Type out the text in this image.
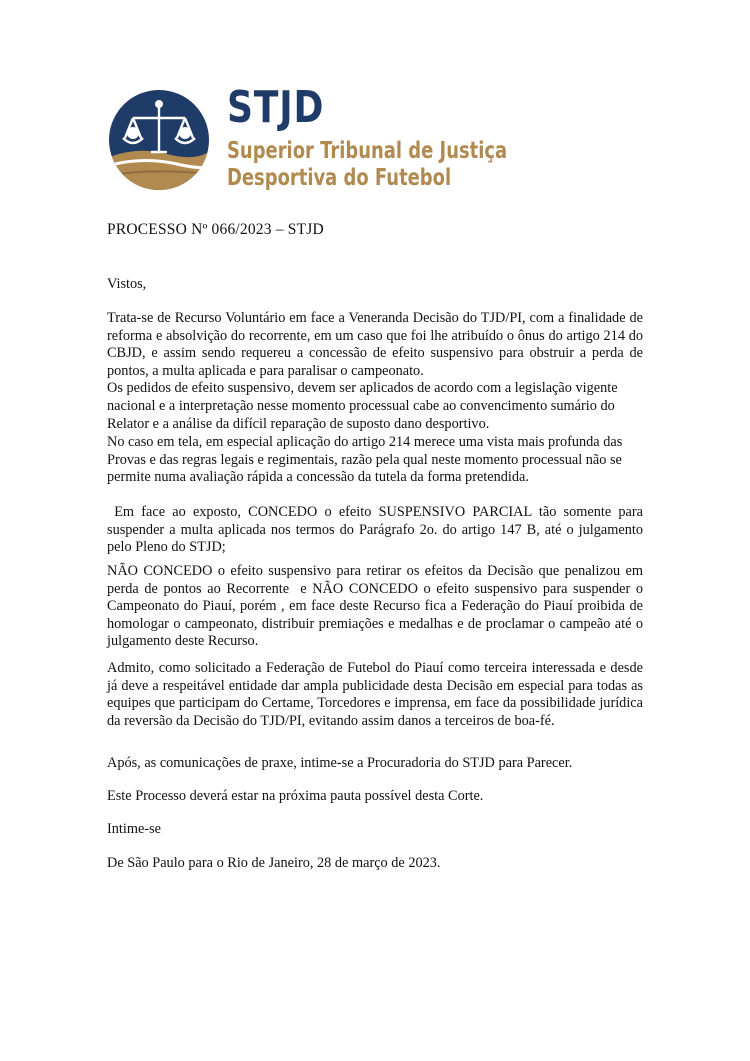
STJD
Superior Tribunal de Justiça
Desportiva do Futebol
PROCESSO Nº 066/2023 – STJD

Vistos,

Trata-se de Recurso Voluntário em face a Veneranda Decisão do TJD/PI, com a finalidade de reforma e absolvição do recorrente, em um caso que foi lhe atribuído o ônus do artigo 214 do CBJD, e assim sendo requereu a concessão de efeito suspensivo para obstruir a perda de pontos, a multa aplicada e para paralisar o campeonato.

Os pedidos de efeito suspensivo, devem ser aplicados de acordo com a legislação vigente nacional e a interpretação nesse momento processual cabe ao convencimento sumário do Relator e a análise da difícil reparação de suposto dano desportivo.

No caso em tela, em especial aplicação do artigo 214 merece uma vista mais profunda das Provas e das regras legais e regimentais, razão pela qual neste momento processual não se permite numa avaliação rápida a concessão da tutela da forma pretendida.

Em face ao exposto, CONCEDO o efeito SUSPENSIVO PARCIAL tão somente para suspender a multa aplicada nos termos do Parágrafo 2o. do artigo 147 B, até o julgamento pelo Pleno do STJD;

NÃO CONCEDO o efeito suspensivo para retirar os efeitos da Decisão que penalizou em perda de pontos ao Recorrente  e NÃO CONCEDO o efeito suspensivo para suspender o Campeonato do Piauí, porém , em face deste Recurso fica a Federação do Piauí proibida de homologar o campeonato, distribuir premiações e medalhas e de proclamar o campeão até o julgamento deste Recurso.

Admito, como solicitado a Federação de Futebol do Piauí como terceira interessada e desde já deve a respeitável entidade dar ampla publicidade desta Decisão em especial para todas as equipes que participam do Certame, Torcedores e imprensa, em face da possibilidade jurídica da reversão da Decisão do TJD/PI, evitando assim danos a terceiros de boa-fé.

Após, as comunicações de praxe, intime-se a Procuradoria do STJD para Parecer.

Este Processo deverá estar na próxima pauta possível desta Corte.

Intime-se

De São Paulo para o Rio de Janeiro, 28 de março de 2023.
